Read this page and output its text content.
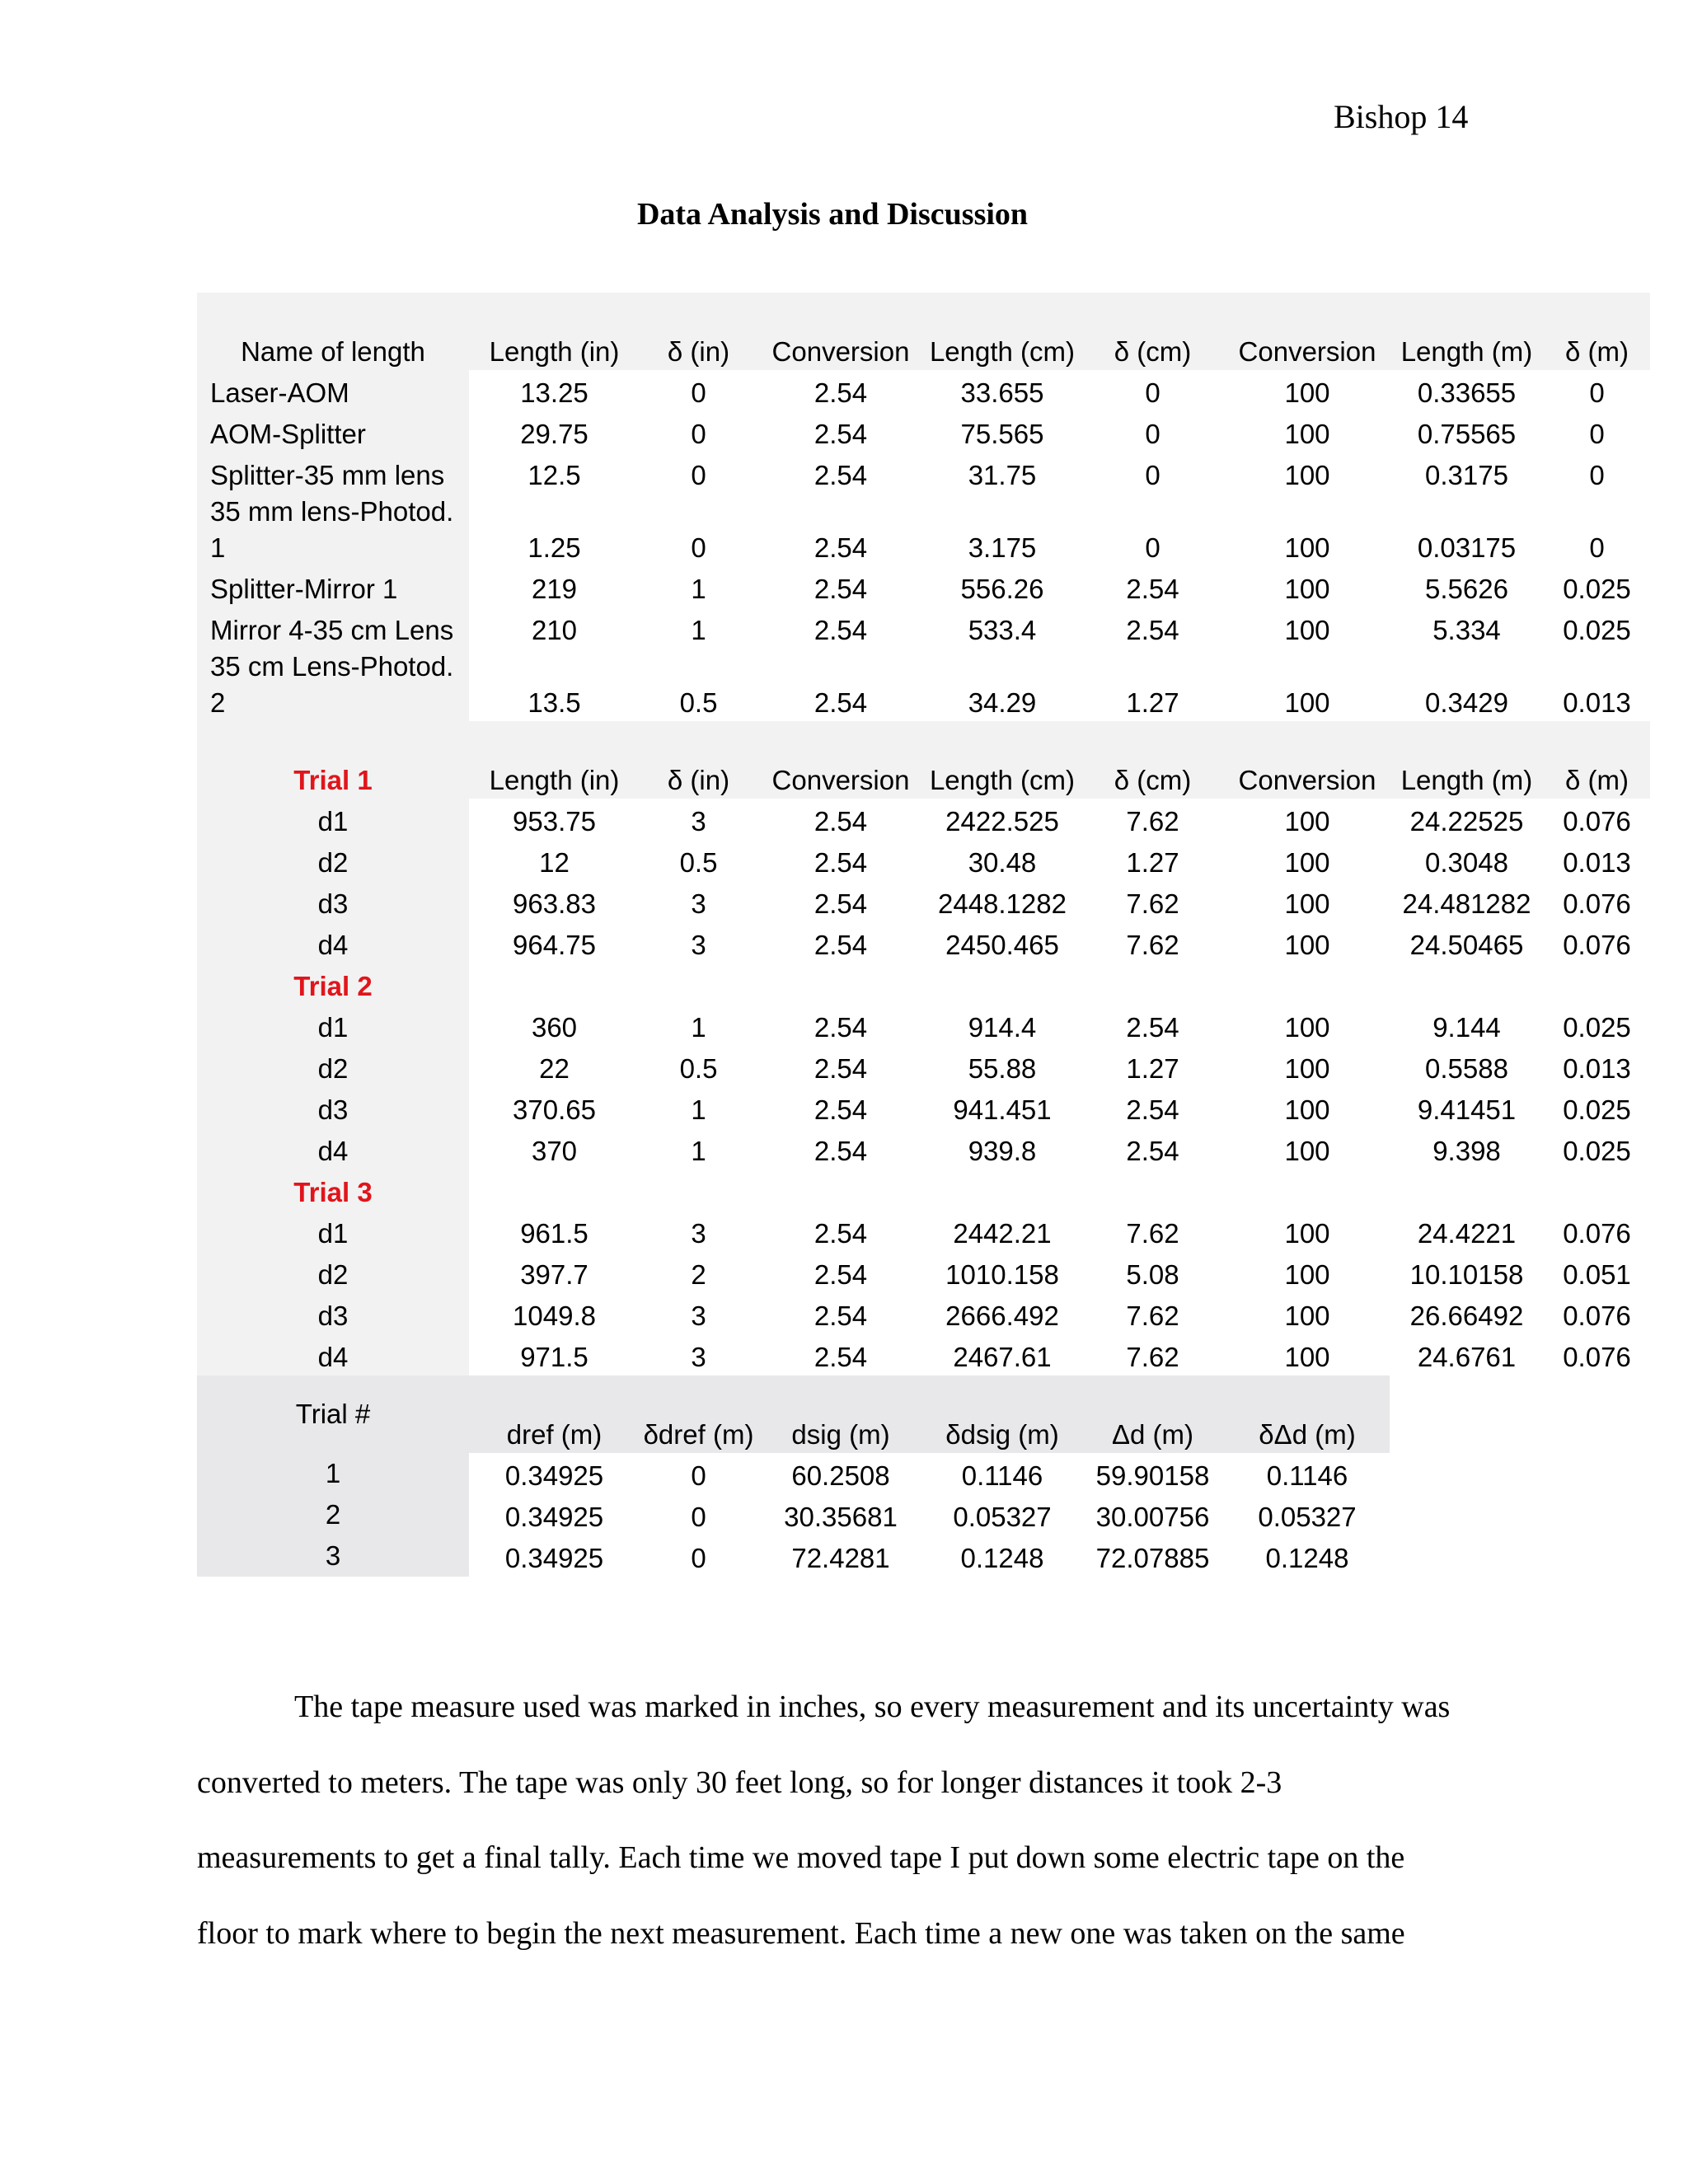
Bishop 14
Data Analysis and Discussion
Name of length	Length (in)	δ (in)	Conversion	Length (cm)	δ (cm)	Conversion	Length (m)	δ (m)
Laser-AOM	13.25	0	2.54	33.655	0	100	0.33655	0
AOM-Splitter	29.75	0	2.54	75.565	0	100	0.75565	0
Splitter-35 mm lens	12.5	0	2.54	31.75	0	100	0.3175	0
35 mm lens-Photod. 1	1.25	0	2.54	3.175	0	100	0.03175	0
Splitter-Mirror 1	219	1	2.54	556.26	2.54	100	5.5626	0.025
Mirror 4-35 cm Lens	210	1	2.54	533.4	2.54	100	5.334	0.025
35 cm Lens-Photod. 2	13.5	0.5	2.54	34.29	1.27	100	0.3429	0.013
Trial 1	Length (in)	δ (in)	Conversion	Length (cm)	δ (cm)	Conversion	Length (m)	δ (m)
d1	953.75	3	2.54	2422.525	7.62	100	24.22525	0.076
d2	12	0.5	2.54	30.48	1.27	100	0.3048	0.013
d3	963.83	3	2.54	2448.1282	7.62	100	24.481282	0.076
d4	964.75	3	2.54	2450.465	7.62	100	24.50465	0.076
Trial 2								
d1	360	1	2.54	914.4	2.54	100	9.144	0.025
d2	22	0.5	2.54	55.88	1.27	100	0.5588	0.013
d3	370.65	1	2.54	941.451	2.54	100	9.41451	0.025
d4	370	1	2.54	939.8	2.54	100	9.398	0.025
Trial 3								
d1	961.5	3	2.54	2442.21	7.62	100	24.4221	0.076
d2	397.7	2	2.54	1010.158	5.08	100	10.10158	0.051
d3	1049.8	3	2.54	2666.492	7.62	100	26.66492	0.076
d4	971.5	3	2.54	2467.61	7.62	100	24.6761	0.076
Trial #	dref (m)	δdref (m)	dsig (m)	δdsig (m)	Δd (m)	δΔd (m)		
1	0.34925	0	60.2508	0.1146	59.90158	0.1146		
2	0.34925	0	30.35681	0.05327	30.00756	0.05327		
3	0.34925	0	72.4281	0.1248	72.07885	0.1248		
The tape measure used was marked in inches, so every measurement and its uncertainty was converted to meters. The tape was only 30 feet long, so for longer distances it took 2-3 measurements to get a final tally. Each time we moved tape I put down some electric tape on the floor to mark where to begin the next measurement. Each time a new one was taken on the same
